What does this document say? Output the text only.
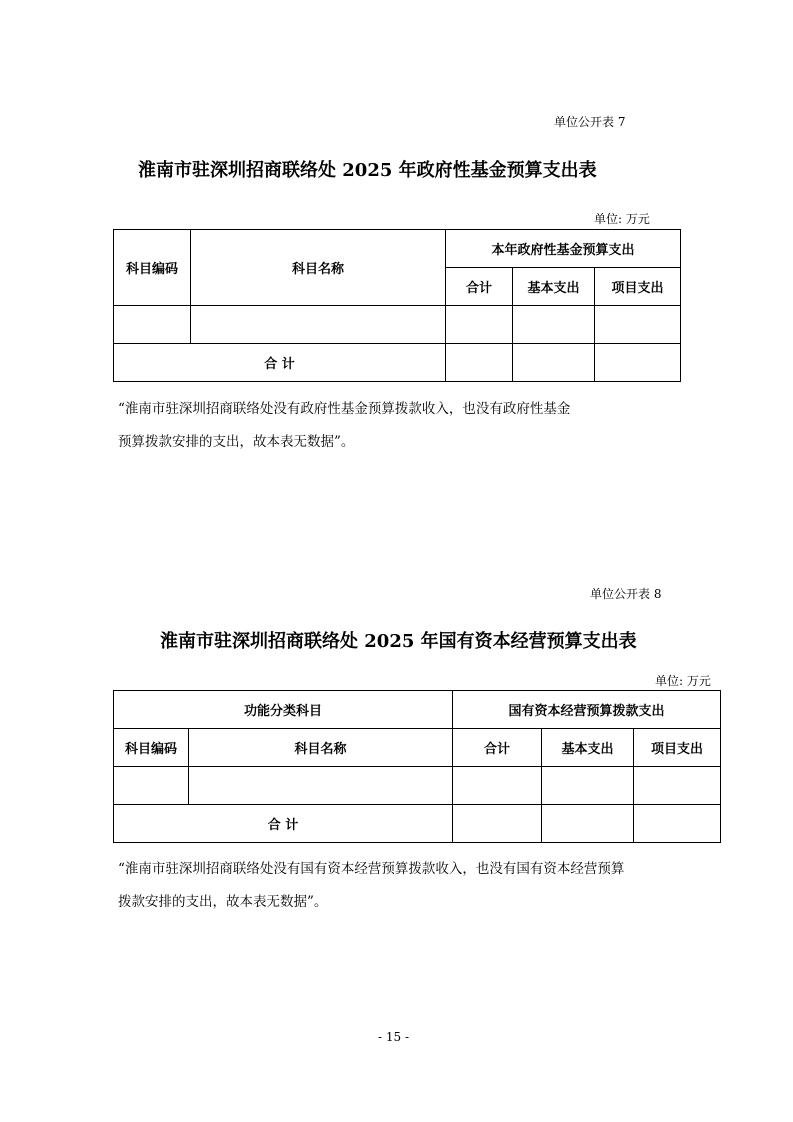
单位公开表 7
淮南市驻深圳招商联络处 2025 年政府性基金预算支出表
单位: 万元
科目编码	科目名称	本年政府性基金预算支出		
		合计	基本支出	项目支出

合 计				
“淮南市驻深圳招商联络处没有政府性基金预算拨款收入，也没有政府性基金
预算拨款安排的支出，故本表无数据”。
单位公开表 8
淮南市驻深圳招商联络处 2025 年国有资本经营预算支出表
单位: 万元
功能分类科目		国有资本经营预算拨款支出		
科目编码	科目名称	合计	基本支出	项目支出

合 计				
“淮南市驻深圳招商联络处没有国有资本经营预算拨款收入，也没有国有资本经营预算
拨款安排的支出，故本表无数据”。
- 15 -
